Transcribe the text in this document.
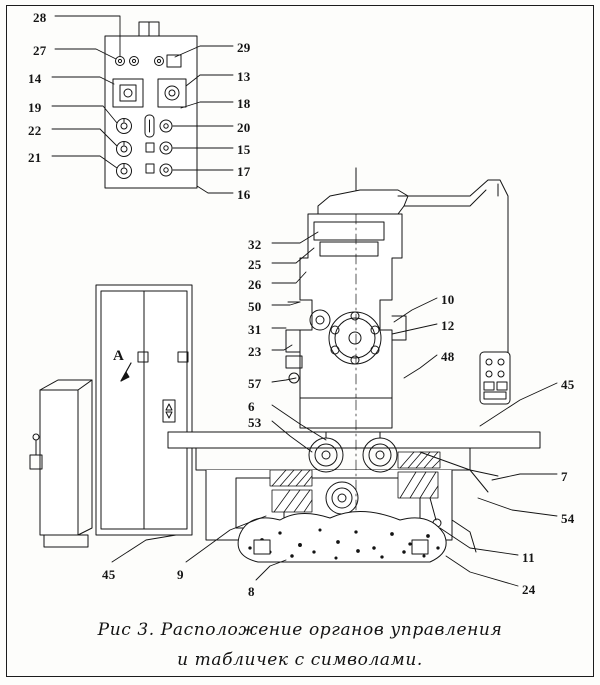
28
27
14
19
22
21
29
13
18
20
15
17
16
32
25
26
50
31
23
57
6
53
10
12
48
45
7
54
11
24
45	9
8
A
Рис 3. Расположение органов управления
и табличек с символами.
